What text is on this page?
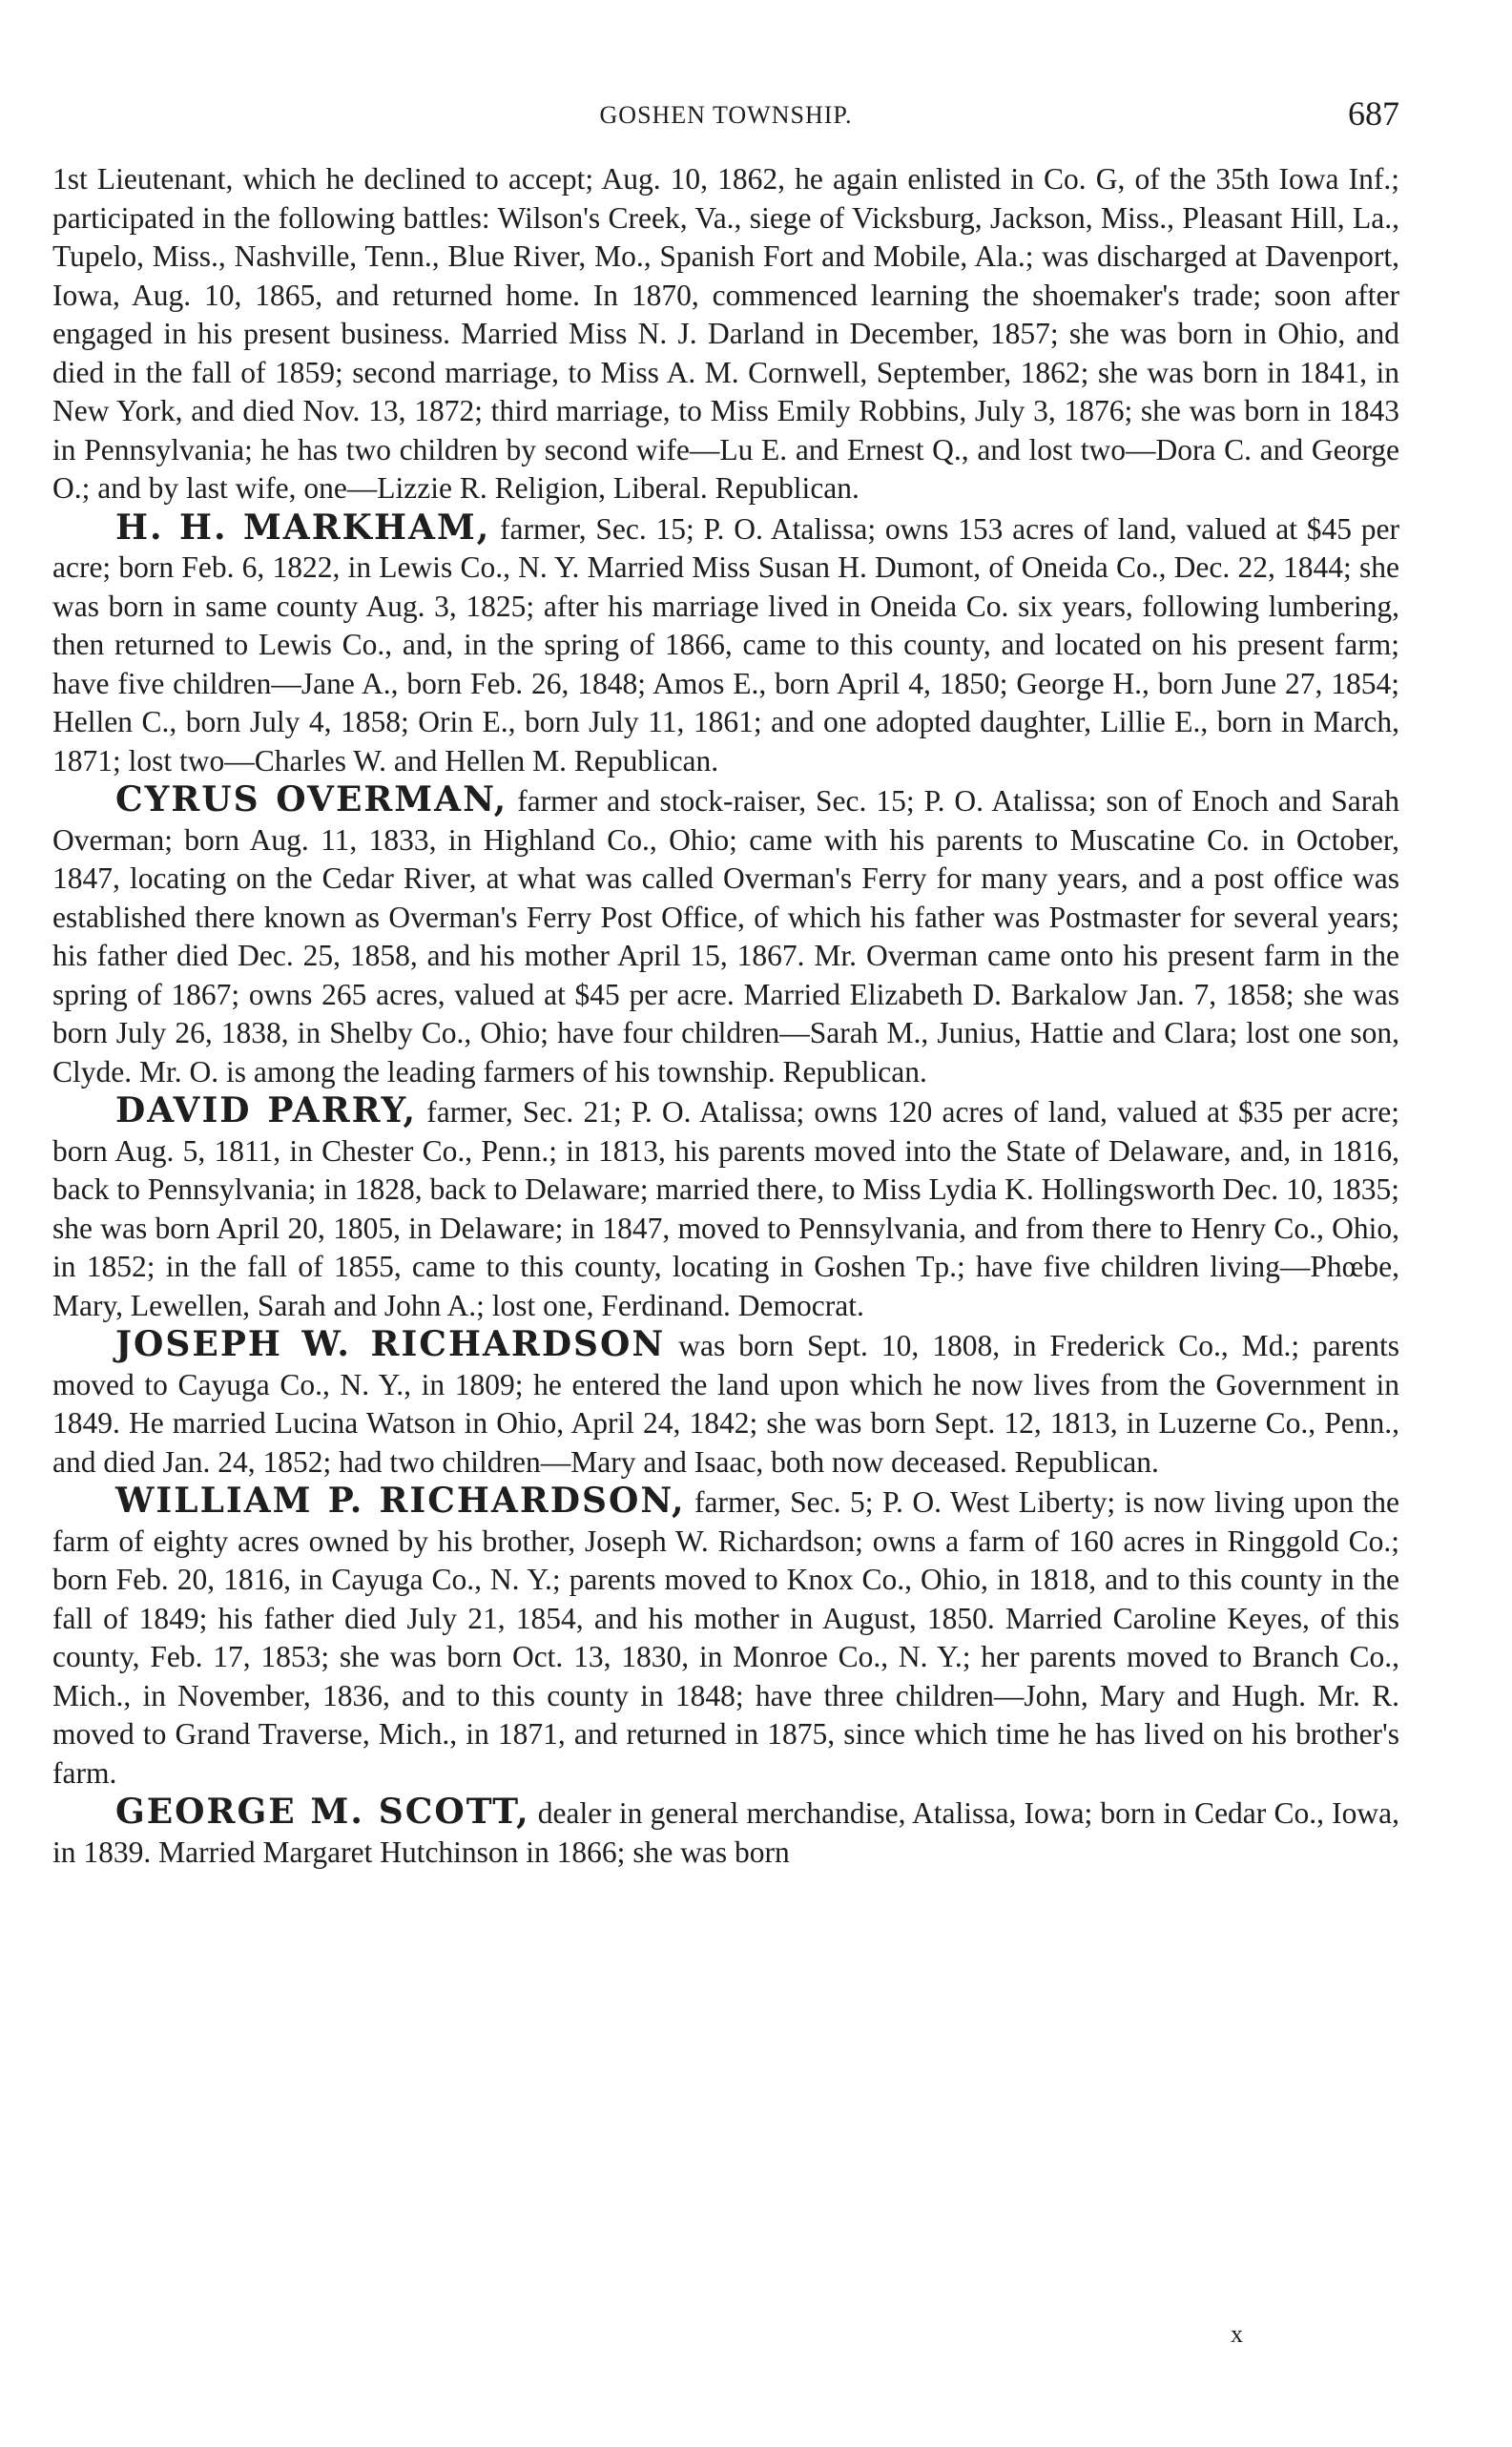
GOSHEN TOWNSHIP.	687

1st Lieutenant, which he declined to accept; Aug. 10, 1862, he again enlisted in Co. G, of the 35th Iowa Inf.; participated in the following battles: Wilson's Creek, Va., siege of Vicksburg, Jackson, Miss., Pleasant Hill, La., Tupelo, Miss., Nashville, Tenn., Blue River, Mo., Spanish Fort and Mobile, Ala.; was discharged at Davenport, Iowa, Aug. 10, 1865, and returned home. In 1870, commenced learning the shoemaker's trade; soon after engaged in his present business. Married Miss N. J. Darland in December, 1857; she was born in Ohio, and died in the fall of 1859; second marriage, to Miss A. M. Cornwell, September, 1862; she was born in 1841, in New York, and died Nov. 13, 1872; third marriage, to Miss Emily Robbins, July 3, 1876; she was born in 1843 in Pennsylvania; he has two children by second wife—Lu E. and Ernest Q., and lost two—Dora C. and George O.; and by last wife, one—Lizzie R. Religion, Liberal. Republican.

H. H. MARKHAM, farmer, Sec. 15; P. O. Atalissa; owns 153 acres of land, valued at $45 per acre; born Feb. 6, 1822, in Lewis Co., N. Y. Married Miss Susan H. Dumont, of Oneida Co., Dec. 22, 1844; she was born in same county Aug. 3, 1825; after his marriage lived in Oneida Co. six years, following lumbering, then returned to Lewis Co., and, in the spring of 1866, came to this county, and located on his present farm; have five children—Jane A., born Feb. 26, 1848; Amos E., born April 4, 1850; George H., born June 27, 1854; Hellen C., born July 4, 1858; Orin E., born July 11, 1861; and one adopted daughter, Lillie E., born in March, 1871; lost two—Charles W. and Hellen M. Republican.

CYRUS OVERMAN, farmer and stock-raiser, Sec. 15; P. O. Atalissa; son of Enoch and Sarah Overman; born Aug. 11, 1833, in Highland Co., Ohio; came with his parents to Muscatine Co. in October, 1847, locating on the Cedar River, at what was called Overman's Ferry for many years, and a post office was established there known as Overman's Ferry Post Office, of which his father was Postmaster for several years; his father died Dec. 25, 1858, and his mother April 15, 1867. Mr. Overman came onto his present farm in the spring of 1867; owns 265 acres, valued at $45 per acre. Married Elizabeth D. Barkalow Jan. 7, 1858; she was born July 26, 1838, in Shelby Co., Ohio; have four children—Sarah M., Junius, Hattie and Clara; lost one son, Clyde. Mr. O. is among the leading farmers of his township. Republican.

DAVID PARRY, farmer, Sec. 21; P. O. Atalissa; owns 120 acres of land, valued at $35 per acre; born Aug. 5, 1811, in Chester Co., Penn.; in 1813, his parents moved into the State of Delaware, and, in 1816, back to Pennsylvania; in 1828, back to Delaware; married there, to Miss Lydia K. Hollingsworth Dec. 10, 1835; she was born April 20, 1805, in Delaware; in 1847, moved to Pennsylvania, and from there to Henry Co., Ohio, in 1852; in the fall of 1855, came to this county, locating in Goshen Tp.; have five children living—Phœbe, Mary, Lewellen, Sarah and John A.; lost one, Ferdinand. Democrat.

JOSEPH W. RICHARDSON was born Sept. 10, 1808, in Frederick Co., Md.; parents moved to Cayuga Co., N. Y., in 1809; he entered the land upon which he now lives from the Government in 1849. He married Lucina Watson in Ohio, April 24, 1842; she was born Sept. 12, 1813, in Luzerne Co., Penn., and died Jan. 24, 1852; had two children—Mary and Isaac, both now deceased. Republican.

WILLIAM P. RICHARDSON, farmer, Sec. 5; P. O. West Liberty; is now living upon the farm of eighty acres owned by his brother, Joseph W. Richardson; owns a farm of 160 acres in Ringgold Co.; born Feb. 20, 1816, in Cayuga Co., N. Y.; parents moved to Knox Co., Ohio, in 1818, and to this county in the fall of 1849; his father died July 21, 1854, and his mother in August, 1850. Married Caroline Keyes, of this county, Feb. 17, 1853; she was born Oct. 13, 1830, in Monroe Co., N. Y.; her parents moved to Branch Co., Mich., in November, 1836, and to this county in 1848; have three children—John, Mary and Hugh. Mr. R. moved to Grand Traverse, Mich., in 1871, and returned in 1875, since which time he has lived on his brother's farm.

GEORGE M. SCOTT, dealer in general merchandise, Atalissa, Iowa; born in Cedar Co., Iowa, in 1839. Married Margaret Hutchinson in 1866; she was born

x
